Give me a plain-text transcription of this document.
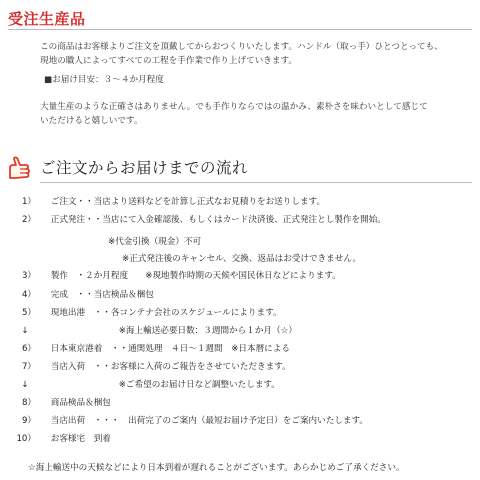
受注生産品
この商品はお客様よりご注文を頂戴してからおつくりいたします。ハンドル（取っ手）ひとつとっても、
現地の職人によってすべての工程を手作業で作り上げていきます。
■お届け目安：３～４か月程度
大量生産のような正確さはありません。でも手作りならではの温かみ、素朴さを味わいとして感じて
いただけると嬉しいです。
ご注文からお届けまでの流れ
1） ご注文・・当店より送料などを計算し正式なお見積りをお送りします。
2） 正式発注・・当店にて入金確認後、もしくはカード決済後、正式発注とし製作を開始。
※代金引換（現金）不可
※正式発注後のキャンセル、交換、返品はお受けできません。
3） 製作　・２か月程度　　※現地製作時期の天候や国民休日などによります。
4） 完成　・・当店検品＆梱包
5） 現地出港　・・各コンテナ会社のスケジュールによります。
↓	※海上輸送必要日数：３週間から１か月（☆）
6） 日本東京港着　・・通関処理　４日～１週間　※日本暦による
7） 当店入荷　・・お客様に入荷のご報告をさせていただきます。
↓	※ご希望のお届け日など調整いたします。
8） 商品検品＆梱包
9） 当店出荷　・・・　出荷完了のご案内（最短お届け予定日）をご案内いたします。
10） お客様宅　到着
☆海上輸送中の天候などにより日本到着が遅れることがございます。あらかじめご了承ください。
